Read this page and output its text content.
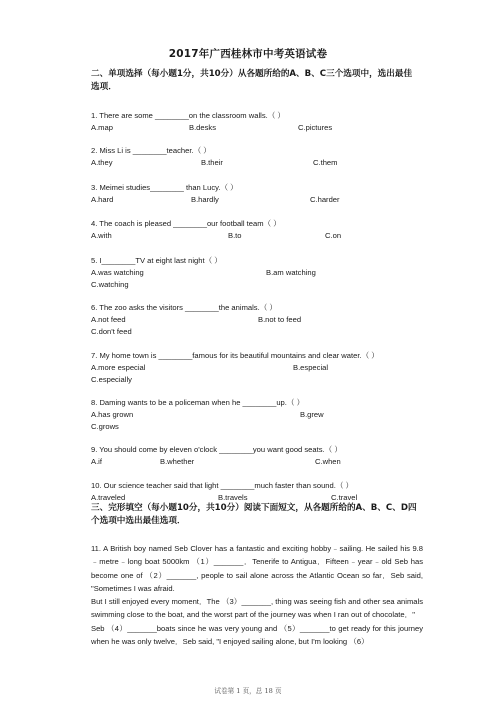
2017年广西桂林市中考英语试卷
二、单项选择（每小题1分，共10分）从各题所给的A、B、C三个选项中，选出最佳选项．
1. There are some ________on the classroom walls.（ ）
A.map	B.desks	C.pictures
2. Miss Li is ________teacher.（ ）
A.they	B.their	C.them
3. Meimei studies________ than Lucy.（ ）
A.hard	B.hardly	C.harder
4. The coach is pleased ________our football team（ ）
A.with	B.to	C.on
5. I________TV at eight last night（ ）
A.was watching	B.am watching
C.watching
6. The zoo asks the visitors ________the animals.（ ）
A.not feed	B.not to feed
C.don't feed
7. My home town is ________famous for its beautiful mountains and clear water.（ ）
A.more especial	B.especial
C.especially
8. Daming wants to be a policeman when he ________up.（ ）
A.has grown	B.grew
C.grows
9. You should come by eleven o'clock ________you want good seats.（ ）
A.if	B.whether	C.when
10. Our science teacher said that light ________much faster than sound.（ ）
A.traveled	B.travels	C.travel
三、完形填空（每小题10分，共10分）阅读下面短文，从各题所给的A、B、C、D四个选项中选出最佳选项．

11. A British boy named Seb Clover has a fantastic and exciting hobby﹣sailing. He sailed his 9.8﹣metre﹣long boat 5000km （1）_______．Tenerife to Antigua．Fifteen﹣year﹣old Seb has become one of （2）_______, people to sail alone across the Atlantic Ocean so far．Seb said, "Sometimes I was afraid.

But I still enjoyed every moment．The （3）_______, thing was seeing fish and other sea animals swimming close to the boat, and the worst part of the journey was when I ran out of chocolate．"

Seb （4）_______boats since he was very young and （5）_______to get ready for this journey when he was only twelve．Seb said, "I enjoyed sailing alone, but I'm looking （6）

试卷第 1 页，总 18 页
